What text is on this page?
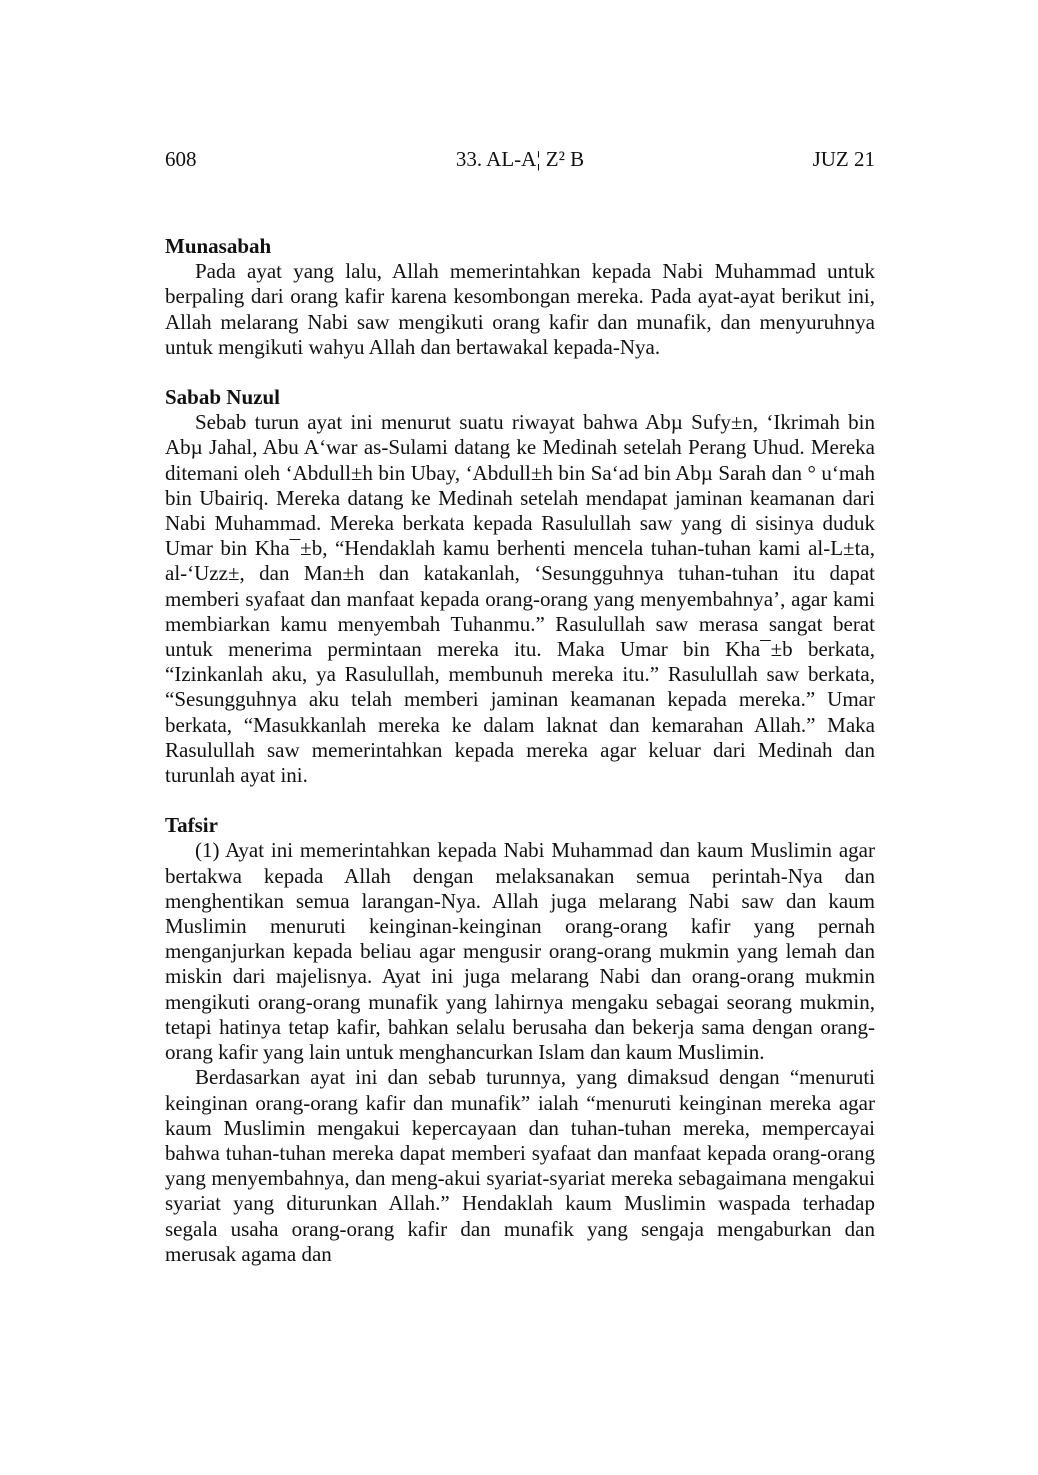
608	33. AL-A¦ Z² B	JUZ 21
Munasabah

Pada ayat yang lalu, Allah memerintahkan kepada Nabi Muhammad untuk berpaling dari orang kafir karena kesombongan mereka. Pada ayat-ayat berikut ini, Allah melarang Nabi saw mengikuti orang kafir dan munafik, dan menyuruhnya untuk mengikuti wahyu Allah dan bertawakal kepada-Nya.

Sabab Nuzul

Sebab turun ayat ini menurut suatu riwayat bahwa Abµ Sufy±n, ‘Ikrimah bin Abµ Jahal, Abu A‘war as-Sulami datang ke Medinah setelah Perang Uhud. Mereka ditemani oleh ‘Abdull±h bin Ubay, ‘Abdull±h bin Sa‘ad bin Abµ Sarah dan ° u‘mah bin Ubairiq. Mereka datang ke Medinah setelah mendapat jaminan keamanan dari Nabi Muhammad. Mereka berkata kepada Rasulullah saw yang di sisinya duduk Umar bin Kha¯±b, “Hendaklah kamu berhenti mencela tuhan-tuhan kami al-L±ta, al-‘Uzz±, dan Man±h dan katakanlah, ‘Sesungguhnya tuhan-tuhan itu dapat memberi syafaat dan manfaat kepada orang-orang yang menyembahnya’, agar kami membiarkan kamu menyembah Tuhanmu.” Rasulullah saw merasa sangat berat untuk menerima permintaan mereka itu. Maka Umar bin Kha¯±b berkata, “Izinkanlah aku, ya Rasulullah, membunuh mereka itu.” Rasulullah saw berkata, “Sesungguhnya aku telah memberi jaminan keamanan kepada mereka.” Umar berkata, “Masukkanlah mereka ke dalam laknat dan kemarahan Allah.” Maka Rasulullah saw memerintahkan kepada mereka agar keluar dari Medinah dan turunlah ayat ini.

Tafsir

(1) Ayat ini memerintahkan kepada Nabi Muhammad dan kaum Muslimin agar bertakwa kepada Allah dengan melaksanakan semua perintah-Nya dan menghentikan semua larangan-Nya. Allah juga melarang Nabi saw dan kaum Muslimin menuruti keinginan-keinginan orang-orang kafir yang pernah menganjurkan kepada beliau agar mengusir orang-orang mukmin yang lemah dan miskin dari majelisnya. Ayat ini juga melarang Nabi dan orang-orang mukmin mengikuti orang-orang munafik yang lahirnya mengaku sebagai seorang mukmin, tetapi hatinya tetap kafir, bahkan selalu berusaha dan bekerja sama dengan orang-orang kafir yang lain untuk menghancurkan Islam dan kaum Muslimin.

Berdasarkan ayat ini dan sebab turunnya, yang dimaksud dengan “menuruti keinginan orang-orang kafir dan munafik” ialah “menuruti keinginan mereka agar kaum Muslimin mengakui kepercayaan dan tuhan-tuhan mereka, mempercayai bahwa tuhan-tuhan mereka dapat memberi syafaat dan manfaat kepada orang-orang yang menyembahnya, dan meng-akui syariat-syariat mereka sebagaimana mengakui syariat yang diturunkan Allah.” Hendaklah kaum Muslimin waspada terhadap segala usaha orang-orang kafir dan munafik yang sengaja mengaburkan dan merusak agama dan
